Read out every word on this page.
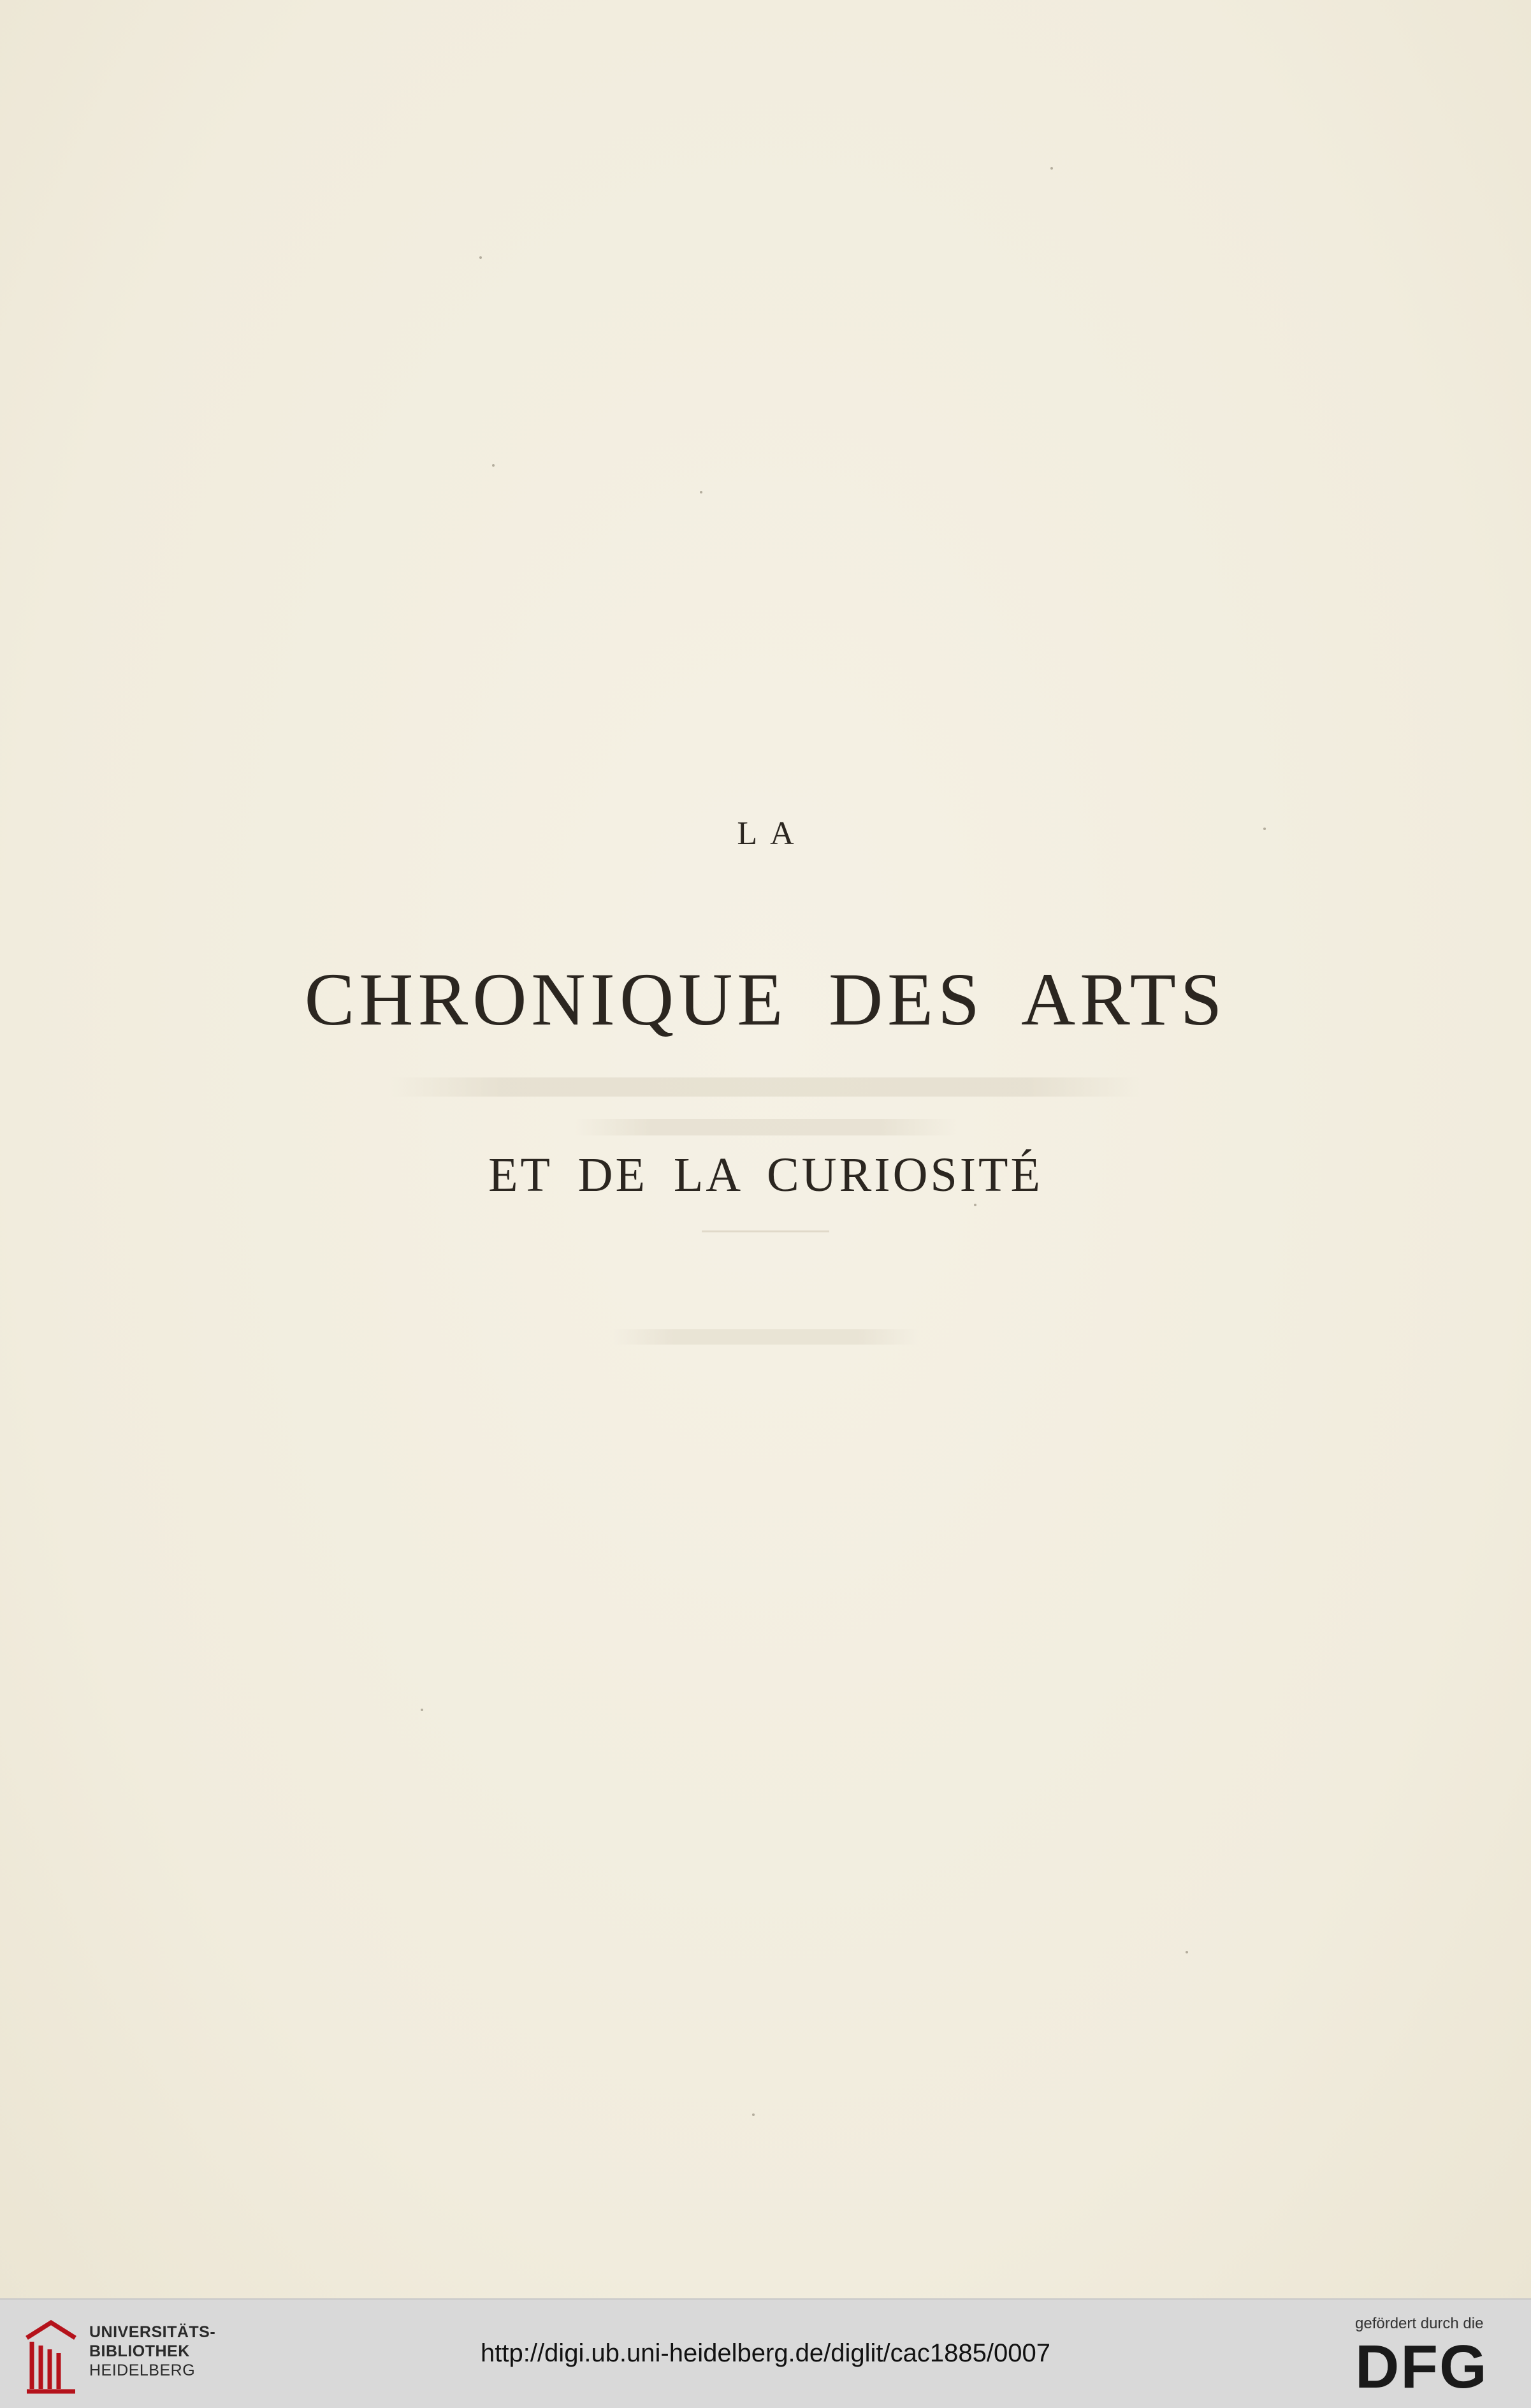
LA
CHRONIQUE DES ARTS
ET DE LA CURIOSITÉ
UNIVERSITÄTS-
BIBLIOTHEK
HEIDELBERG
http://digi.ub.uni-heidelberg.de/diglit/cac1885/0007
gefördert durch die
DFG
